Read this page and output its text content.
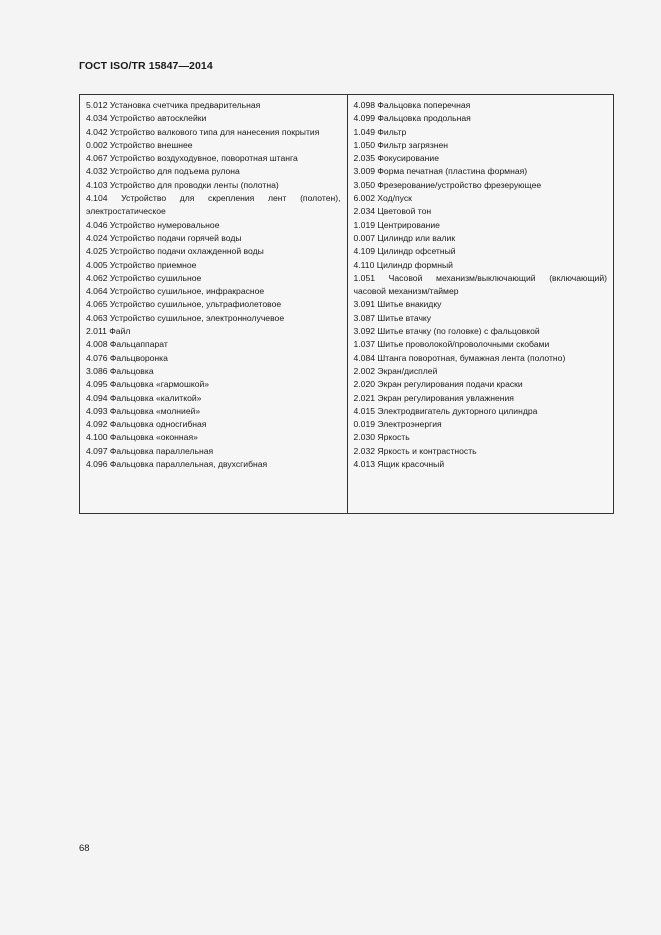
ГОСТ ISO/TR 15847—2014
5.012 Установка счетчика предварительная
4.034 Устройство автосклейки
4.042 Устройство валкового типа для нанесения покрытия
0.002 Устройство внешнее
4.067 Устройство воздуходувное, поворотная штанга
4.032 Устройство для подъема рулона
4.103 Устройство для проводки ленты (полотна)
4.104 Устройство для скрепления лент (полотен), электростатическое
4.046 Устройство нумеровальное
4.024 Устройство подачи горячей воды
4.025 Устройство подачи охлажденной воды
4.005 Устройство приемное
4.062 Устройство сушильное
4.064 Устройство сушильное, инфракрасное
4.065 Устройство сушильное, ультрафиолетовое
4.063 Устройство сушильное, электроннолучевое
2.011 Файл
4.008 Фальцаппарат
4.076 Фальцворонка
3.086 Фальцовка
4.095 Фальцовка «гармошкой»
4.094 Фальцовка «калиткой»
4.093 Фальцовка «молнией»
4.092 Фальцовка односгибная
4.100 Фальцовка «оконная»
4.097 Фальцовка параллельная
4.096 Фальцовка параллельная, двухсгибная
4.098 Фальцовка поперечная
4.099 Фальцовка продольная
1.049 Фильтр
1.050 Фильтр загрязнен
2.035 Фокусирование
3.009 Форма печатная (пластина формная)
3.050 Фрезерование/устройство фрезерующее
6.002 Ход/пуск
2.034 Цветовой тон
1.019 Центрирование
0.007 Цилиндр или валик
4.109 Цилиндр офсетный
4.110 Цилиндр формный
1.051 Часовой механизм/выключающий (включающий) часовой механизм/таймер
3.091 Шитье внакидку
3.087 Шитье втачку
3.092 Шитье втачку (по головке) с фальцовкой
1.037 Шитье проволокой/проволочными скобами
4.084 Штанга поворотная, бумажная лента (полотно)
2.002 Экран/дисплей
2.020 Экран регулирования подачи краски
2.021 Экран регулирования увлажнения
4.015 Электродвигатель дукторного цилиндра
0.019 Электроэнергия
2.030 Яркость
2.032 Яркость и контрастность
4.013 Ящик красочный
68
